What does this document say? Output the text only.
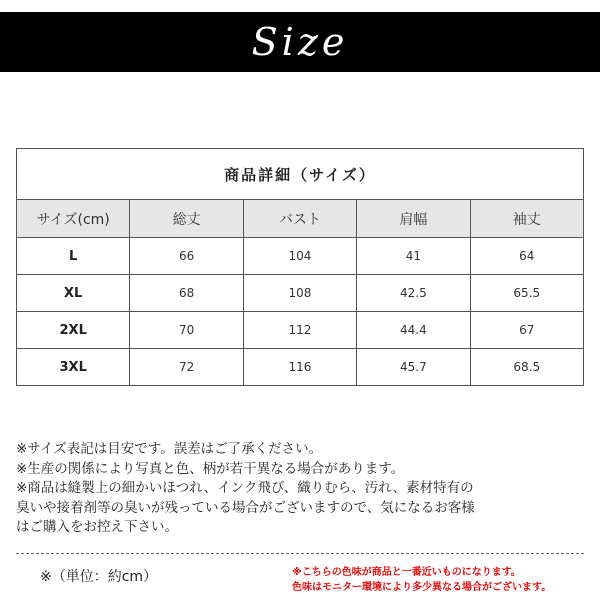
Size
商品詳細（サイズ）				
サイズ(cm)	総丈	バスト	肩幅	袖丈
L	66	104	41	64
XL	68	108	42.5	65.5
2XL	70	112	44.4	67
3XL	72	116	45.7	68.5

※サイズ表記は目安です。誤差はご了承ください。

※生産の関係により写真と色、柄が若干異なる場合があります。

※商品は縫製上の細かいほつれ、インク飛び、織りむら、汚れ、素材特有の

臭いや接着剤等の臭いが残っている場合がございますので、気になるお客様

はご購入をお控え下さい。

※（単位：約cm）	※こちらの色味が商品と一番近いものになります。

色味はモニター環境により多少異なる場合がございます。
